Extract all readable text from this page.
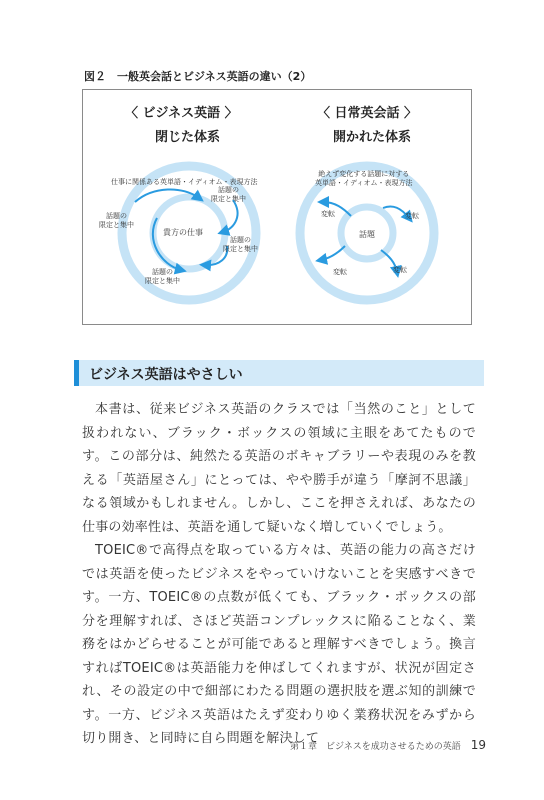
図２　一般英会話とビジネス英語の違い（2）
〈 ビジネス英語 〉
閉じた体系
〈 日常英会話 〉
開かれた体系
仕事に関係ある英単語・イディオム・表現方法
話題の
限定と集中
話題の
限定と集中
話題の
限定と集中
話題の
限定と集中
貴方の仕事
絶えず変化する話題に対する
英単語・イディオム・表現方法
変転	変転
変転	変転
話題
ビジネス英語はやさしい

本書は、従来ビジネス英語のクラスでは「当然のこと」として扱われない、ブラック・ボックスの領域に主眼をあてたものです。この部分は、純然たる英語のボキャブラリーや表現のみを教える「英語屋さん」にとっては、やや勝手が違う「摩訶不思議」なる領域かもしれません。しかし、ここを押さえれば、あなたの仕事の効率性は、英語を通して疑いなく増していくでしょう。

TOEIC®で高得点を取っている方々は、英語の能力の高さだけでは英語を使ったビジネスをやっていけないことを実感すべきです。一方、TOEIC®の点数が低くても、ブラック・ボックスの部分を理解すれば、さほど英語コンプレックスに陥ることなく、業務をはかどらせることが可能であると理解すべきでしょう。換言すればTOEIC®は英語能力を伸ばしてくれますが、状況が固定され、その設定の中で細部にわたる問題の選択肢を選ぶ知的訓練です。一方、ビジネス英語はたえず変わりゆく業務状況をみずから切り開き、と同時に自ら問題を解決して

第１章　ビジネスを成功させるための英語 19
